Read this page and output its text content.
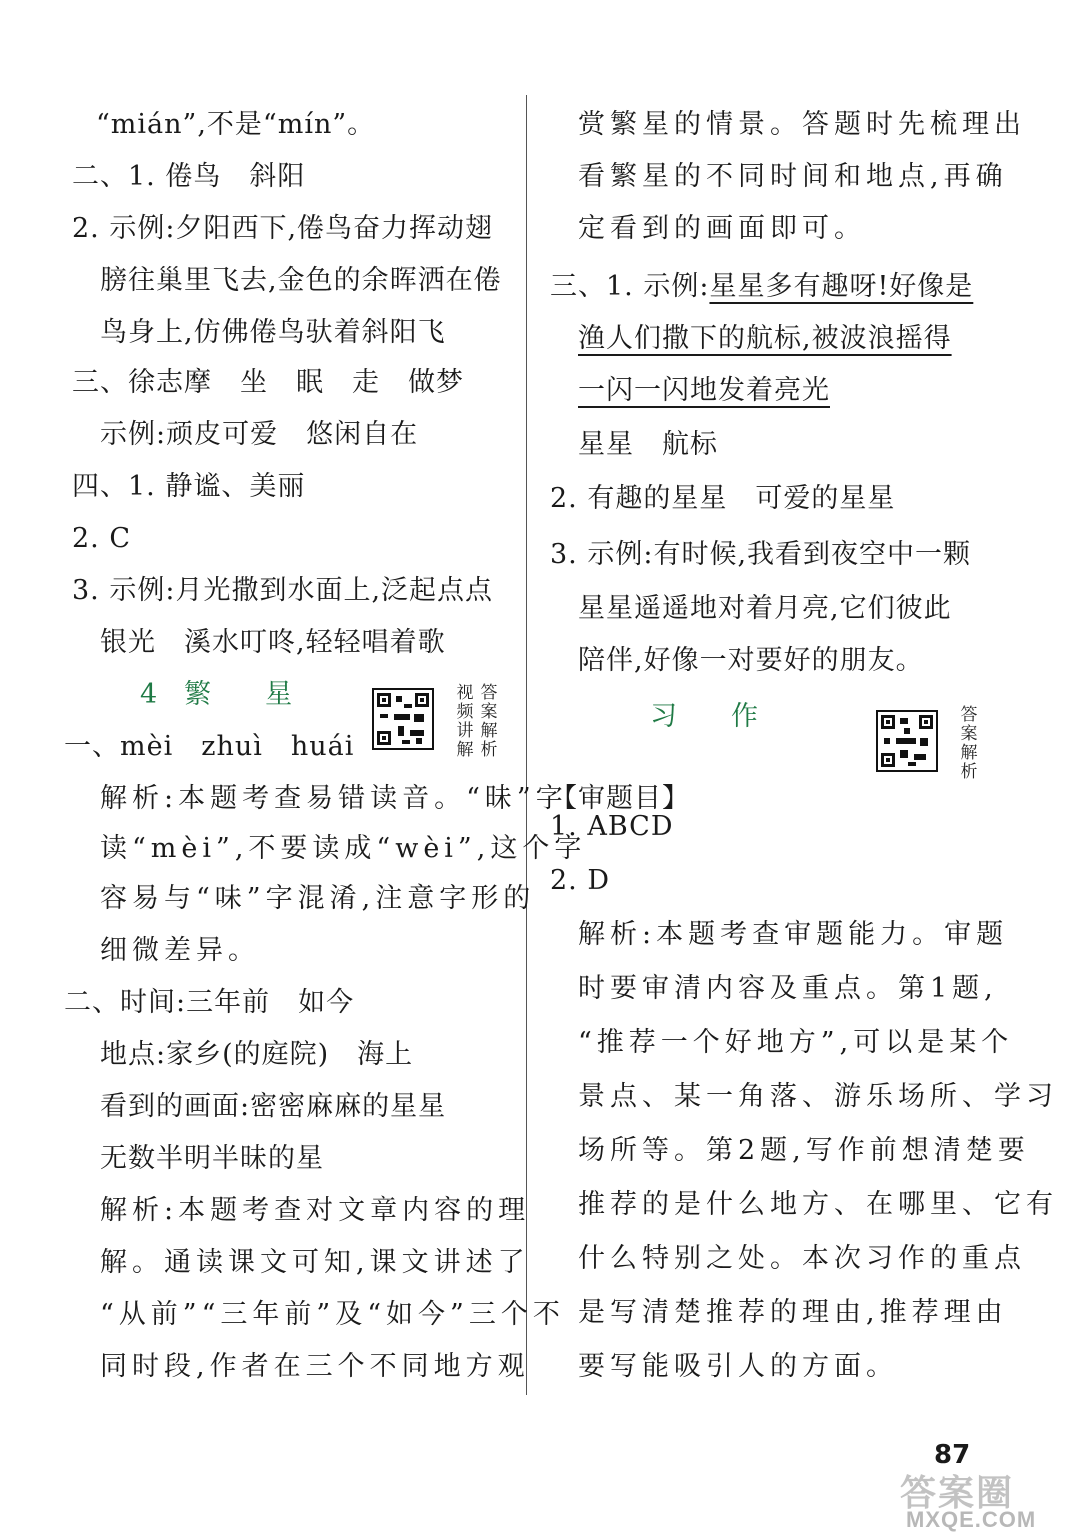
“mián”,不是“mín”。
二、1. 倦鸟　斜阳
2. 示例:夕阳西下,倦鸟奋力挥动翅
膀往巢里飞去,金色的余晖洒在倦
鸟身上,仿佛倦鸟驮着斜阳飞
三、徐志摩　坐　眠　走　做梦
示例:顽皮可爱　悠闲自在
四、1. 静谧、美丽
2. C
3. 示例:月光撒到水面上,泛起点点
银光　溪水叮咚,轻轻唱着歌
4　繁　　星	视频讲解
答案解析
一、mèi　zhuì　huái
解析:本题考查易错读音。“昧”字
读“mèi”,不要读成“wèi”,这个字
容易与“味”字混淆,注意字形的
细微差异。
二、时间:三年前　如今
地点:家乡(的庭院)　海上
看到的画面:密密麻麻的星星
无数半明半昧的星
解析:本题考查对文章内容的理
解。通读课文可知,课文讲述了
“从前”“三年前”及“如今”三个不
同时段,作者在三个不同地方观
赏繁星的情景。答题时先梳理出
看繁星的不同时间和地点,再确
定看到的画面即可。
三、1. 示例:星星多有趣呀!好像是
渔人们撒下的航标,被波浪摇得
一闪一闪地发着亮光
星星　航标
2. 有趣的星星　可爱的星星
3. 示例:有时候,我看到夜空中一颗
星星遥遥地对着月亮,它们彼此
陪伴,好像一对要好的朋友。
习　　作	答案解析
【审题目】
1. ABCD
2. D
解析:本题考查审题能力。审题
时要审清内容及重点。第1题,
“推荐一个好地方”,可以是某个
景点、某一角落、游乐场所、学习
场所等。第2题,写作前想清楚要
推荐的是什么地方、在哪里、它有
什么特别之处。本次习作的重点
是写清楚推荐的理由,推荐理由
要写能吸引人的方面。
87
答案圈
MXQE.COM
